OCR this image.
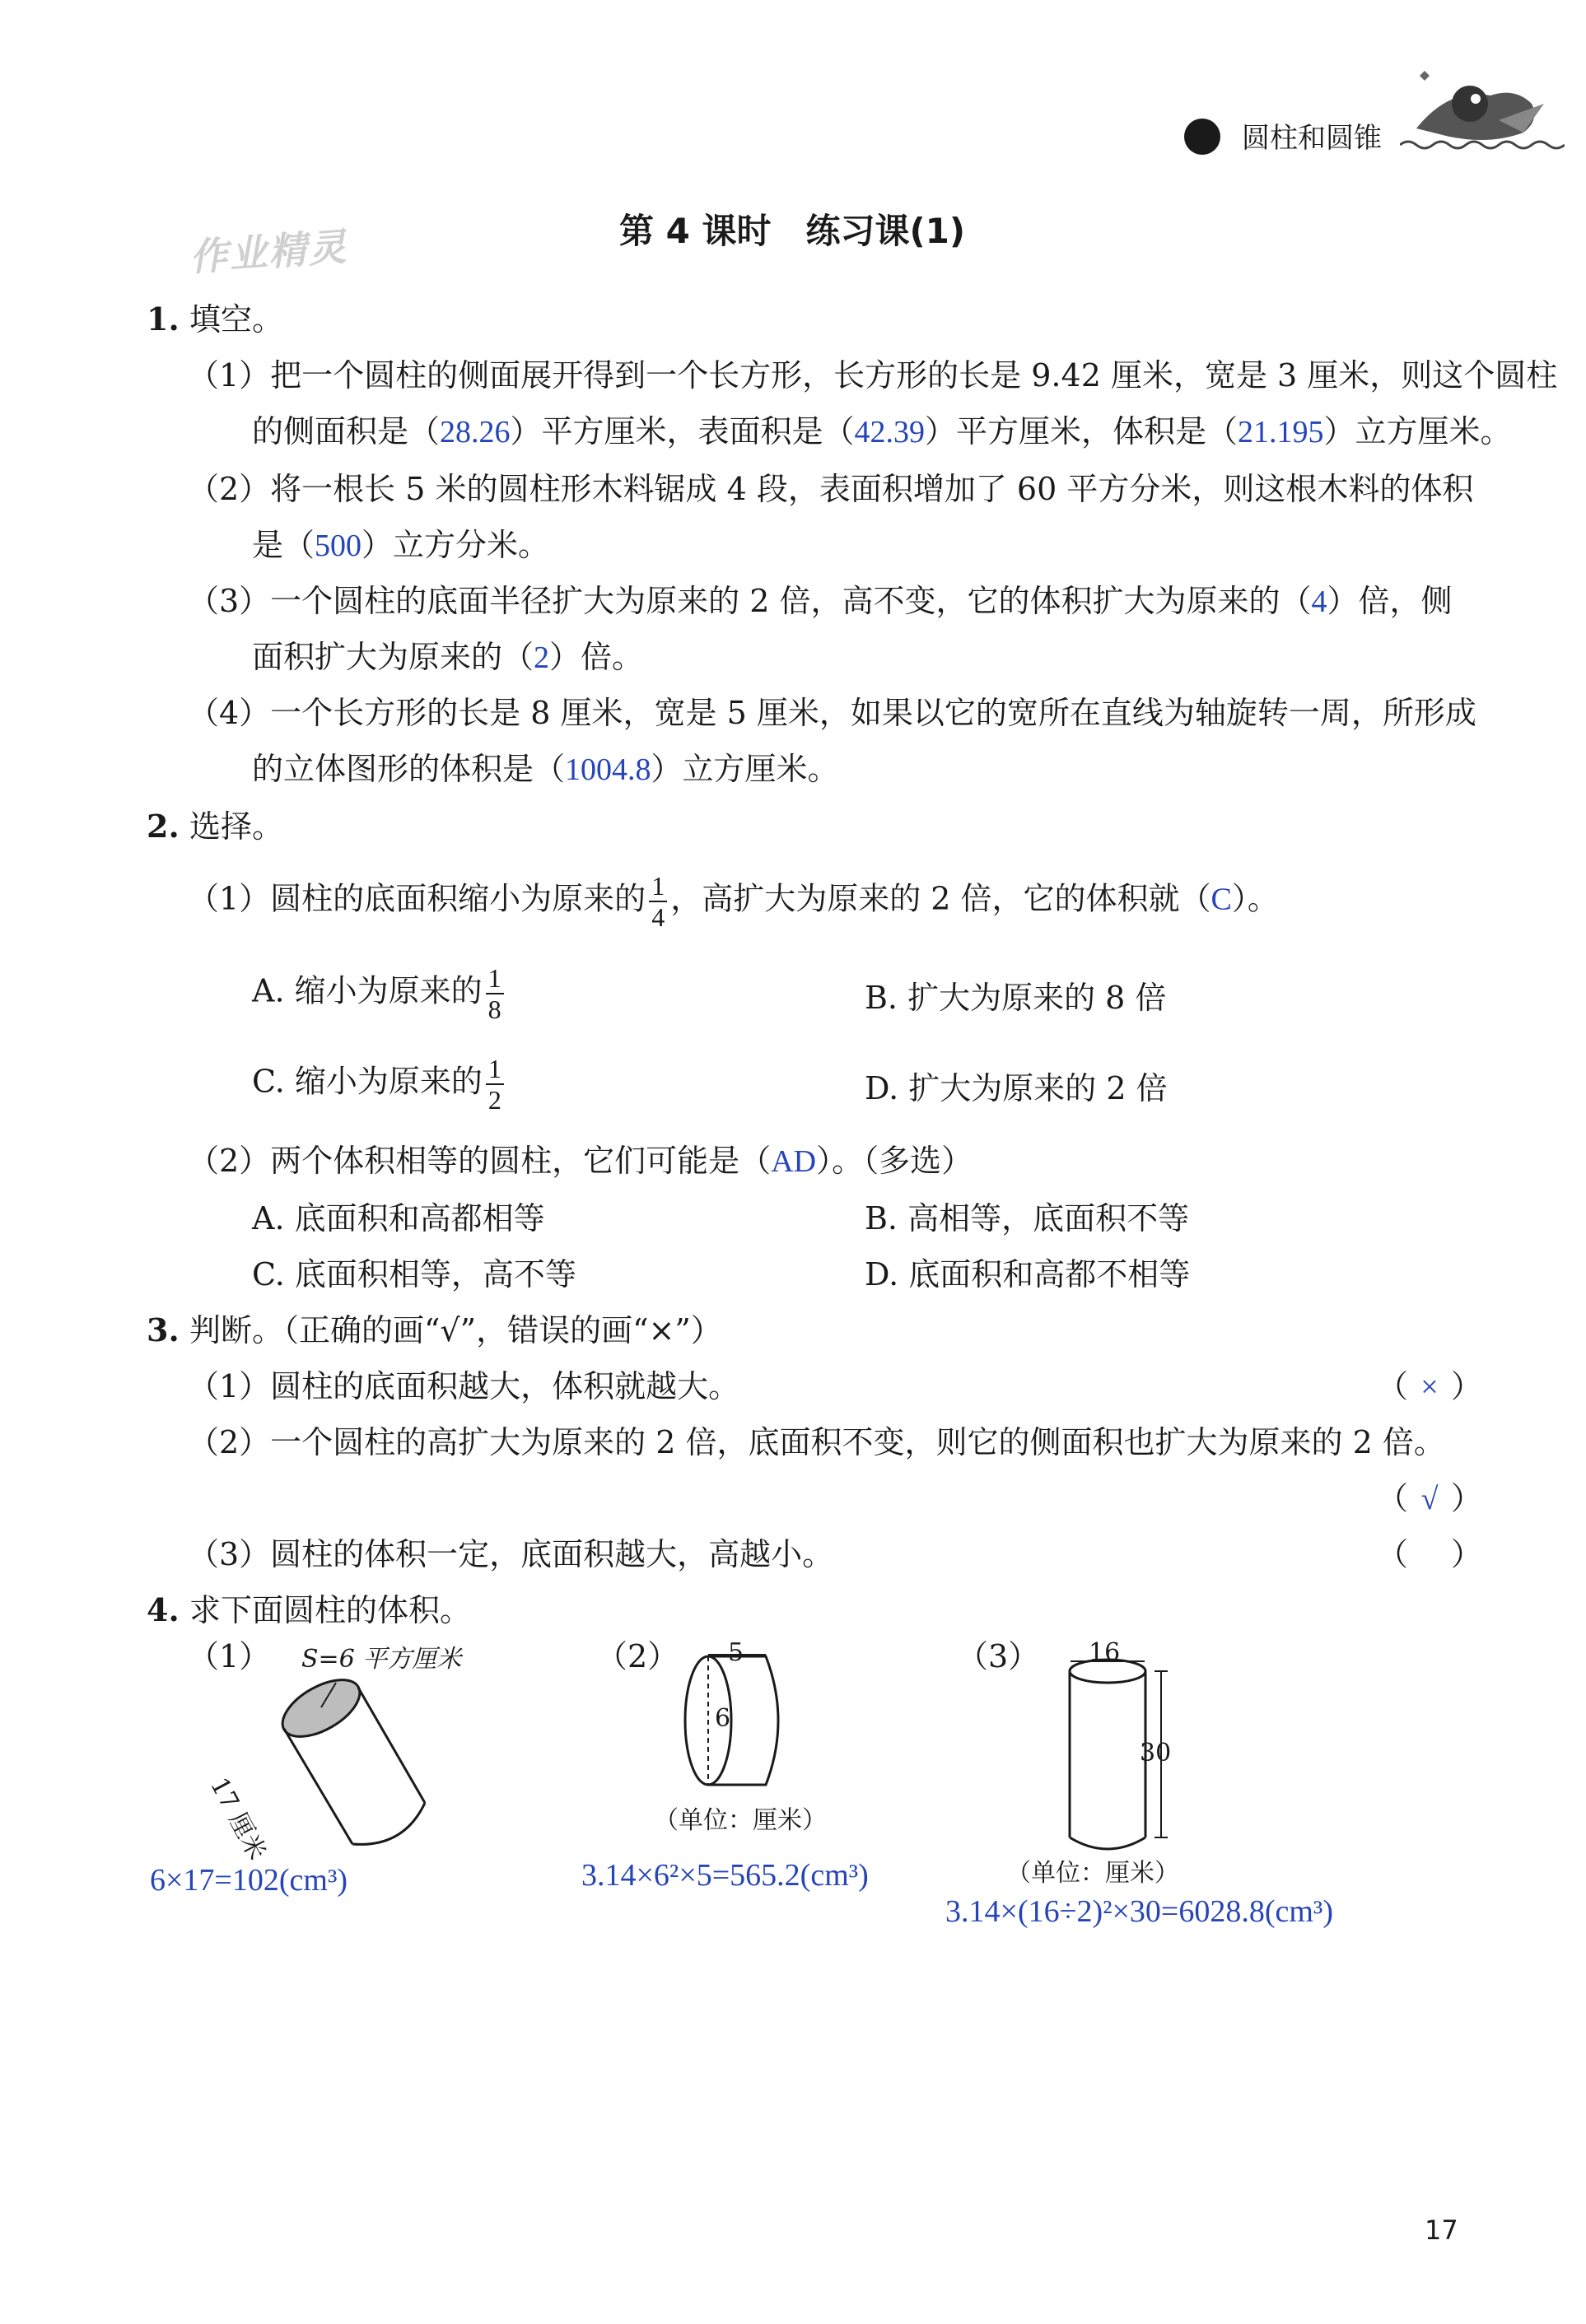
圆柱和圆锥
作业精灵	第 4 课时　练习课(1)
1. 填空。
（1）把一个圆柱的侧面展开得到一个长方形，长方形的长是 9.42 厘米，宽是 3 厘米，则这个圆柱
的侧面积是（28.26）平方厘米，表面积是（42.39）平方厘米，体积是（21.195）立方厘米。
（2）将一根长 5 米的圆柱形木料锯成 4 段，表面积增加了 60 平方分米，则这根木料的体积
是（500）立方分米。
（3）一个圆柱的底面半径扩大为原来的 2 倍，高不变，它的体积扩大为原来的（4）倍，侧
面积扩大为原来的（2）倍。
（4）一个长方形的长是 8 厘米，宽是 5 厘米，如果以它的宽所在直线为轴旋转一周，所形成
的立体图形的体积是（1004.8）立方厘米。
2. 选择。
（1）圆柱的底面积缩小为原来的 $\frac{1}{4}$ ，高扩大为原来的 2 倍，它的体积就（C）。
A. 缩小为原来的 $\frac{1}{8}$	B. 扩大为原来的 8 倍
C. 缩小为原来的 $\frac{1}{2}$	D. 扩大为原来的 2 倍
（2）两个体积相等的圆柱，它们可能是（AD）。（多选）
A. 底面积和高都相等	B. 高相等，底面积不等
C. 底面积相等，高不等	D. 底面积和高都不相等
3. 判断。（正确的画“√”，错误的画“×”）
（1）圆柱的底面积越大，体积就越大。	（ × ）
（2）一个圆柱的高扩大为原来的 2 倍，底面积不变，则它的侧面积也扩大为原来的 2 倍。
（ √ ）
（3）圆柱的体积一定，底面积越大，高越小。	（ ）
4. 求下面圆柱的体积。
（1） S=6 平方厘米
17 厘米
6×17=102(cm³)
（2） 5
6
（单位：厘米）
3.14×6²×5=565.2(cm³)
（3） 16
30
（单位：厘米）
3.14×(16÷2)²×30=6028.8(cm³)
17
